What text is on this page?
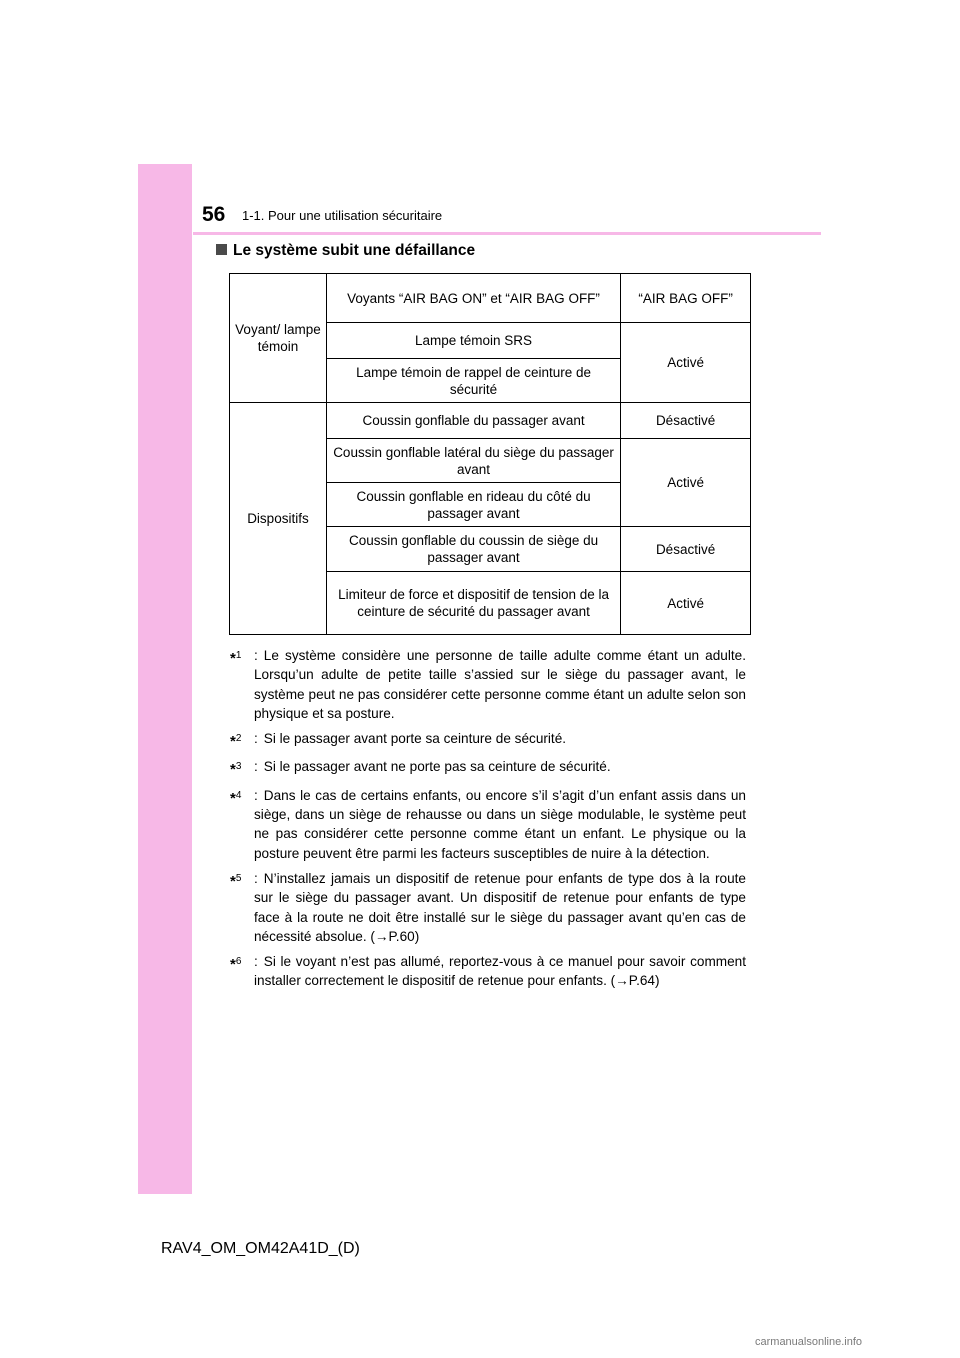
56 1-1. Pour une utilisation sécuritaire
Le système subit une défaillance
Voyant/ lampe témoin	Voyants “AIR BAG ON” et “AIR BAG OFF”	“AIR BAG OFF”
	Lampe témoin SRS	Activé
	Lampe témoin de rappel de ceinture de sécurité	
Dispositifs	Coussin gonflable du passager avant	Désactivé
	Coussin gonflable latéral du siège du passager avant	Activé
	Coussin gonflable en rideau du côté du passager avant	
	Coussin gonflable du coussin de siège du passager avant	Désactivé
	Limiteur de force et dispositif de tension de la ceinture de sécurité du passager avant	Activé
*$^1$ : Le système considère une personne de taille adulte comme étant un adulte. Lorsqu’un adulte de petite taille s’assied sur le siège du passager avant, le système peut ne pas considérer cette personne comme étant un adulte selon son physique et sa posture.
*$^2$ : Si le passager avant porte sa ceinture de sécurité.
*$^3$ : Si le passager avant ne porte pas sa ceinture de sécurité.
*$^4$ : Dans le cas de certains enfants, ou encore s’il s’agit d’un enfant assis dans un siège, dans un siège de rehausse ou dans un siège modulable, le système peut ne pas considérer cette personne comme étant un enfant. Le physique ou la posture peuvent être parmi les facteurs susceptibles de nuire à la détection.
*$^5$ : N’installez jamais un dispositif de retenue pour enfants de type dos à la route sur le siège du passager avant. Un dispositif de retenue pour enfants de type face à la route ne doit être installé sur le siège du passager avant qu’en cas de nécessité absolue. (→P.60)
*$^6$ : Si le voyant n’est pas allumé, reportez-vous à ce manuel pour savoir comment installer correctement le dispositif de retenue pour enfants. (→P.64)
RAV4_OM_OM42A41D_(D)
carmanualsonline.info
